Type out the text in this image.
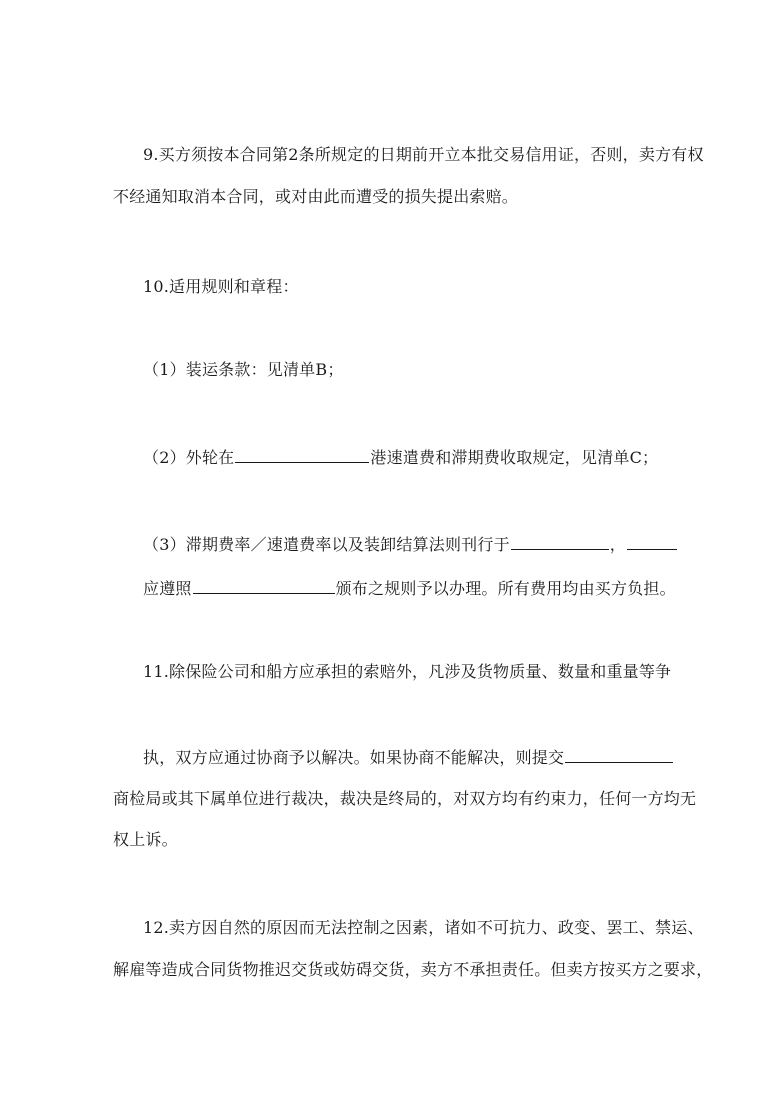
9.买方须按本合同第2条所规定的日期前开立本批交易信用证，否则，卖方有权
不经通知取消本合同，或对由此而遭受的损失提出索赔。
10.适用规则和章程：
（1）装运条款：见清单B；
（2）外轮在	港速遣费和滞期费收取规定，见清单C；
（3）滞期费率／速遣费率以及装卸结算法则刊行于	，
应遵照	颁布之规则予以办理。所有费用均由买方负担。
11.除保险公司和船方应承担的索赔外，凡涉及货物质量、数量和重量等争
执，双方应通过协商予以解决。如果协商不能解决，则提交
商检局或其下属单位进行裁决，裁决是终局的，对双方均有约束力，任何一方均无
权上诉。
12.卖方因自然的原因而无法控制之因素，诸如不可抗力、政变、罢工、禁运、
解雇等造成合同货物推迟交货或妨碍交货，卖方不承担责任。但卖方按买方之要求，
